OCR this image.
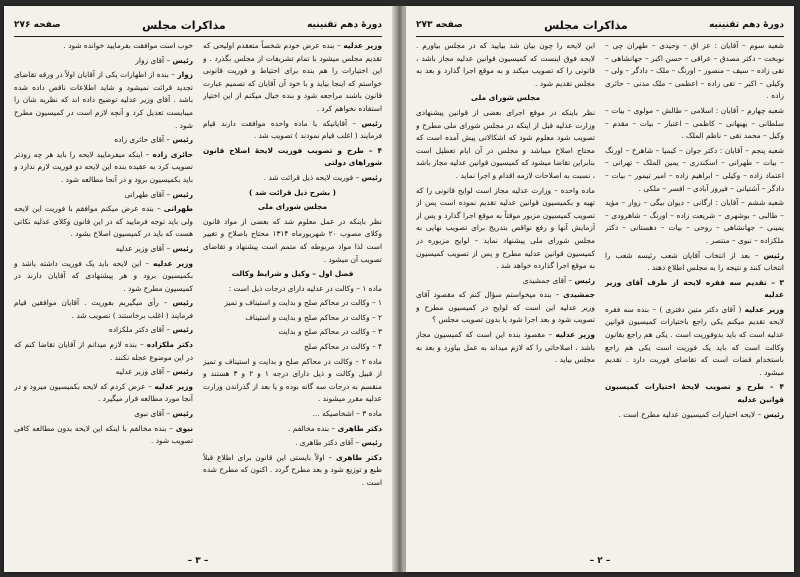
دورهٔ دهم تقنینیه
مذاکرات مجلس
صفحه ۲۷۶

وزیر عدلیه – بنده عرض خودم شخصاً متعقدم اولیحی که تقدیم مجلس میشود با تمام تشریفات از مجلس بگذرد . و این اختیارات را هم بنده برای احتیاط و فوریت قانونی خواستم که اینجا بیاید و با خود آن آقایان که تصمیم عبارت قانون باشند مراجعه شود و بنده خیال میکنم از این اختیار استفاده نخواهم کرد .

رئیس – آقایانیکه با ماده واحده موافقت دارند قیام فرمایند ( اغلب قیام نمودند ) تصویب شد .

۴ – طرح و تصویب فوریت لایحهٔ اصلاح قانون شوراهای دولتی

رئیس – فوریت لایحه ذیل قرائت شد .

( بشرح ذیل قرائت شد )

مجلس شورای ملی

نظر باینکه در عمل معلوم شد که بعضی از مواد قانون وکلای مصوب ۲۰ شهریورماه ۱۳۱۴ محتاج باصلاح و تغییر است لذا مواد مربوطه که متمم است پیشنهاد و تقاضای تصویب آن میشود .

فصل اول – وکیل و شرایط وکالت

ماده ۱ – وکالت در عدلیه دارای درجات ذیل است :

۱ – وکالت در محاکم صلح و بدایت و استیناف و تمیز

۲ – وکالت در محاکم صلح و بدایت و استیناف

۳ – وکالت در محاکم صلح و بدایت

۴ – وکالت در محاکم صلح

ماده ۲ – وکالت در محاکم صلح و بدایت و استیناف و تمیز از قبیل وکالت و ذیل دارای درجه ۱ و ۲ و ۳ هستند و منقسم به درجات سه گانه بوده و یا بعد از گذراندن وزارت عدلیه مقرر میشوند .

ماده ۳ – اشخاصیکه ...

دکتر طاهری – بنده مخالفم .

رئیس – آقای دکتر طاهری .

دکتر طاهری – اولاً بایستی این قانون برای اطلاع قبلاً طبع و توزیع شود و بعد مطرح گردد . اکنون که مطرح شده است .

خوب است موافقت بفرمایید خوانده شود .

رئیس – آقای زوار

زوار – بنده از اظهارات یکی از آقایان اولاً در ورقه تقاضای تجدید قرائت نمیشود و شاید اطلاعات ناقص داده شده باشد . آقای وزیر عدلیه توضیح داده اند که نظریه شان را میبایست تعدیل کرد و آنچه لازم است در کمیسیون مطرح شود .

رئیس – آقای حائری زاده

حائری زاده – اینکه میفرمایید لایحه را باید هر چه زودتر تصویب کرد به عقیده بنده این لایحه دو فوریت لازم ندارد و باید بکمیسیون برود و در آنجا مطالعه شود .

رئیس – آقای طهرانی

طهرانی – بنده عرض میکنم موافقم با فوریت این لایحه ولی باید توجه فرمایید که در این قانون وکلای عدلیه نکاتی هست که باید در کمیسیون اصلاح بشود .

رئیس – آقای وزیر عدلیه

وزیر عدلیه – این لایحه باید یک فوریت داشته باشد و بکمیسیون برود و هر پیشنهادی که آقایان دارند در کمیسیون مطرح شود .

رئیس – رأی میگیریم بفوریت . آقایان موافقین قیام فرمایند ( اغلب برخاستند ) تصویب شد .

رئیس – آقای دکتر ملکزاده

دکتر ملکزاده – بنده لازم میدانم از آقایان تقاضا کنم که در این موضوع عجله نکنند .

رئیس – آقای وزیر عدلیه

وزیر عدلیه – عرض کردم که لایحه بکمیسیون میرود و در آنجا مورد مطالعه قرار میگیرد .

رئیس – آقای نبوی

نبوی – بنده مخالفم با اینکه این لایحه بدون مطالعه کافی تصویب شود .

– ۳ –
دورهٔ دهم تقنینیه
مذاکرات مجلس
صفحه ۲۷۳

شعبه سوم – آقایان : عز اق – وحیدی – طهران چی – نوبخت – دکتر مصدق – عراقی – حسن اکبر – جهانشاهی – تقی زاده – سیف – منصور – اورنگ – ملک – دادگر – ولی – وکیلی – اکبر – تقی زاده – اعظمی – ملک مدنی – حائری زاده .

شعبه چهارم – آقایان : اسلامی – طالش – مولوی – بیات – سلطانی – بهبهانی – کاظمی – اعتبار – بیات – مقدم – وکیل – محمد تقی – ناظم الملک .

شعبه پنجم – آقایان : دکتر جوان – کیمیا – شاهرخ – اورنگ – بیات – طهرانی – اسکندری – یمین الملک – تهرانی – اعتماد زاده – وکیلی – ابراهیم زاده – امیر تیمور – بیات – دادگر – آشتیانی – فیروز آبادی – افسر – ملکی .

شعبه ششم – آقایان : ارگانی – دیوان بیگی – زوار – مؤید – طالبی – بوشهری – شریعت زاده – اورنگ – شاهرودی – یمینی – جهانشاهی – روحی – بیات – دهستانی – دکتر ملکزاده – نبوی – منتصر .

رئیس – بعد از انتخاب آقایان شعب رئیسه شعب را انتخاب کنند و نتیجه را به مجلس اطلاع دهند .

۳ – تقدیم سه فقره لایحه از طرف آقای وزیر عدلیه

وزیر عدلیه ( آقای دکتر متین دفتری ) – بنده سه فقره لایحه تقدیم میکنم یکی راجع باختیارات کمیسیون قوانین عدلیه است که باید بدوفوریت است . یکی هم راجع بقانون وکالت است که باید یک فوریت است یکی هم راجع باستخدام قضات است که تقاضای فوریت دارد . تقدیم میشود .

۴ – طرح و تصویب لایحهٔ اختیارات کمیسیون قوانین عدلیه

رئیس – لایحه اختیارات کمیسیون عدلیه مطرح است .

این لایحه را چون بیان شد بیایید که در مجلس بیاورم . لایحه فوق اینست که کمیسیون قوانین عدلیه مجاز باشد ، قانونی را که تصویب میکند و به موقع اجرا گذارد و بعد به مجلس تقدیم شود .

مجلس شورای ملی

نظر باینکه در موقع اجرای بعضی از قوانین پیشنهادی وزارت عدلیه قبل از اینکه در مجلس شورای ملی مطرح و تصویب شود معلوم شود که اشکالاتی پیش آمده است که محتاج اصلاح میباشد و مجلس در آن ایام تعطیل است بنابراین تقاضا میشود که کمیسیون قوانین عدلیه مجاز باشد ، نسبت به اصلاحات لازمه اقدام و اجرا نماید .

ماده واحده – وزارت عدلیه مجاز است لوایح قانونی را که تهیه و بکمیسیون قوانین عدلیه تقدیم نموده است پس از تصویب کمیسیون مزبور موقتاً به موقع اجرا گذارد و پس از آزمایش آنها و رفع نواقص بتدریج برای تصویب نهایی به مجلس شورای ملی پیشنهاد نماید – لوایح مزبوره در کمیسیون قوانین عدلیه مطرح و پس از تصویب کمیسیون به موقع اجرا گذارده خواهد شد .

رئیس – آقای جمشیدی

جمشیدی – بنده میخواستم سؤال کنم که مقصود آقای وزیر عدلیه این است که لوایح در کمیسیون مطرح و تصویب شود و بعد اجرا شود یا بدون تصویب مجلس ؟

وزیر عدلیه – مقصود بنده این است که کمیسیون مجاز باشد ، اصلاحاتی را که لازم میداند به عمل بیاورد و بعد به مجلس بیاید .

– ۲ –
